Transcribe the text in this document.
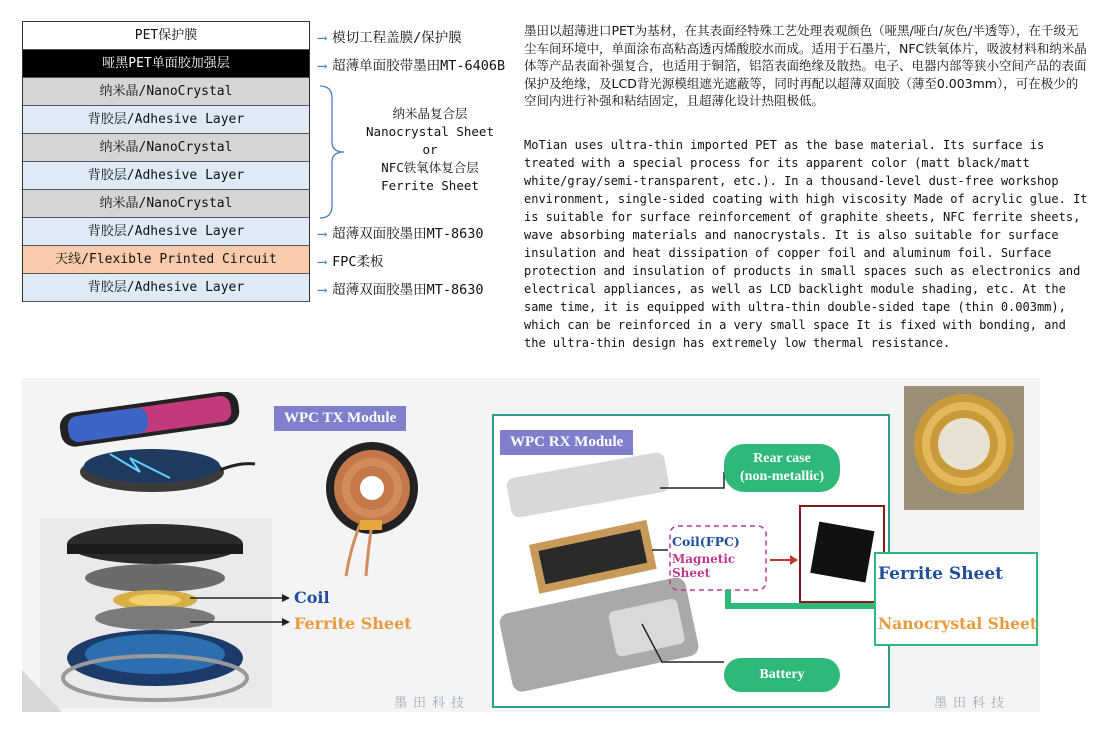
PET保护膜
哑黑PET单面胶加强层
纳米晶/NanoCrystal
背胶层/Adhesive Layer
纳米晶/NanoCrystal
背胶层/Adhesive Layer
纳米晶/NanoCrystal
背胶层/Adhesive Layer
天线/Flexible Printed Circuit
背胶层/Adhesive Layer
⟶ 模切工程盖膜/保护膜
⟶ 超薄单面胶带墨田MT-6406B
⟶ 超薄双面胶墨田MT-8630
⟶ FPC柔板
⟶ 超薄双面胶墨田MT-8630
纳米晶复合层
Nanocrystal Sheet
or
NFC铁氧体复合层
Ferrite Sheet
墨田以超薄进口PET为基材，在其表面经特殊工艺处理表观颜色（哑黑/哑白/灰色/半透等），在千级无尘车间环境中，单面涂布高粘高透丙烯酸胶水而成。适用于石墨片，NFC铁氧体片，吸波材料和纳米晶体等产品表面补强复合，也适用于铜箔，铝箔表面绝缘及散热。电子、电器内部等狭小空间产品的表面保护及绝缘，及LCD背光源模组遮光遮蔽等，同时再配以超薄双面胶（薄至0.003mm），可在极少的空间内进行补强和粘结固定，且超薄化设计热阻极低。
MoTian uses ultra-thin imported PET as the base material. Its surface is treated with a special process for its apparent color (matt black/matt white/gray/semi-transparent, etc.). In a thousand-level dust-free workshop environment, single-sided coating with high viscosity Made of acrylic glue. It is suitable for surface reinforcement of graphite sheets, NFC ferrite sheets, wave absorbing materials and nanocrystals. It is also suitable for surface insulation and heat dissipation of copper foil and aluminum foil. Surface protection and insulation of products in small spaces such as electronics and electrical appliances, as well as LCD backlight module shading, etc. At the same time, it is equipped with ultra-thin double-sided tape (thin 0.003mm), which can be reinforced in a very small space It is fixed with bonding, and the ultra-thin design has extremely low thermal resistance.
Coil
Ferrite Sheet
WPC TX Module
WPC RX Module
Rear case
(non-metallic)
Coil(FPC)
Magnetic
Sheet
Battery
Ferrite Sheet
Nanocrystal Sheet
墨田科技	墨田科技
